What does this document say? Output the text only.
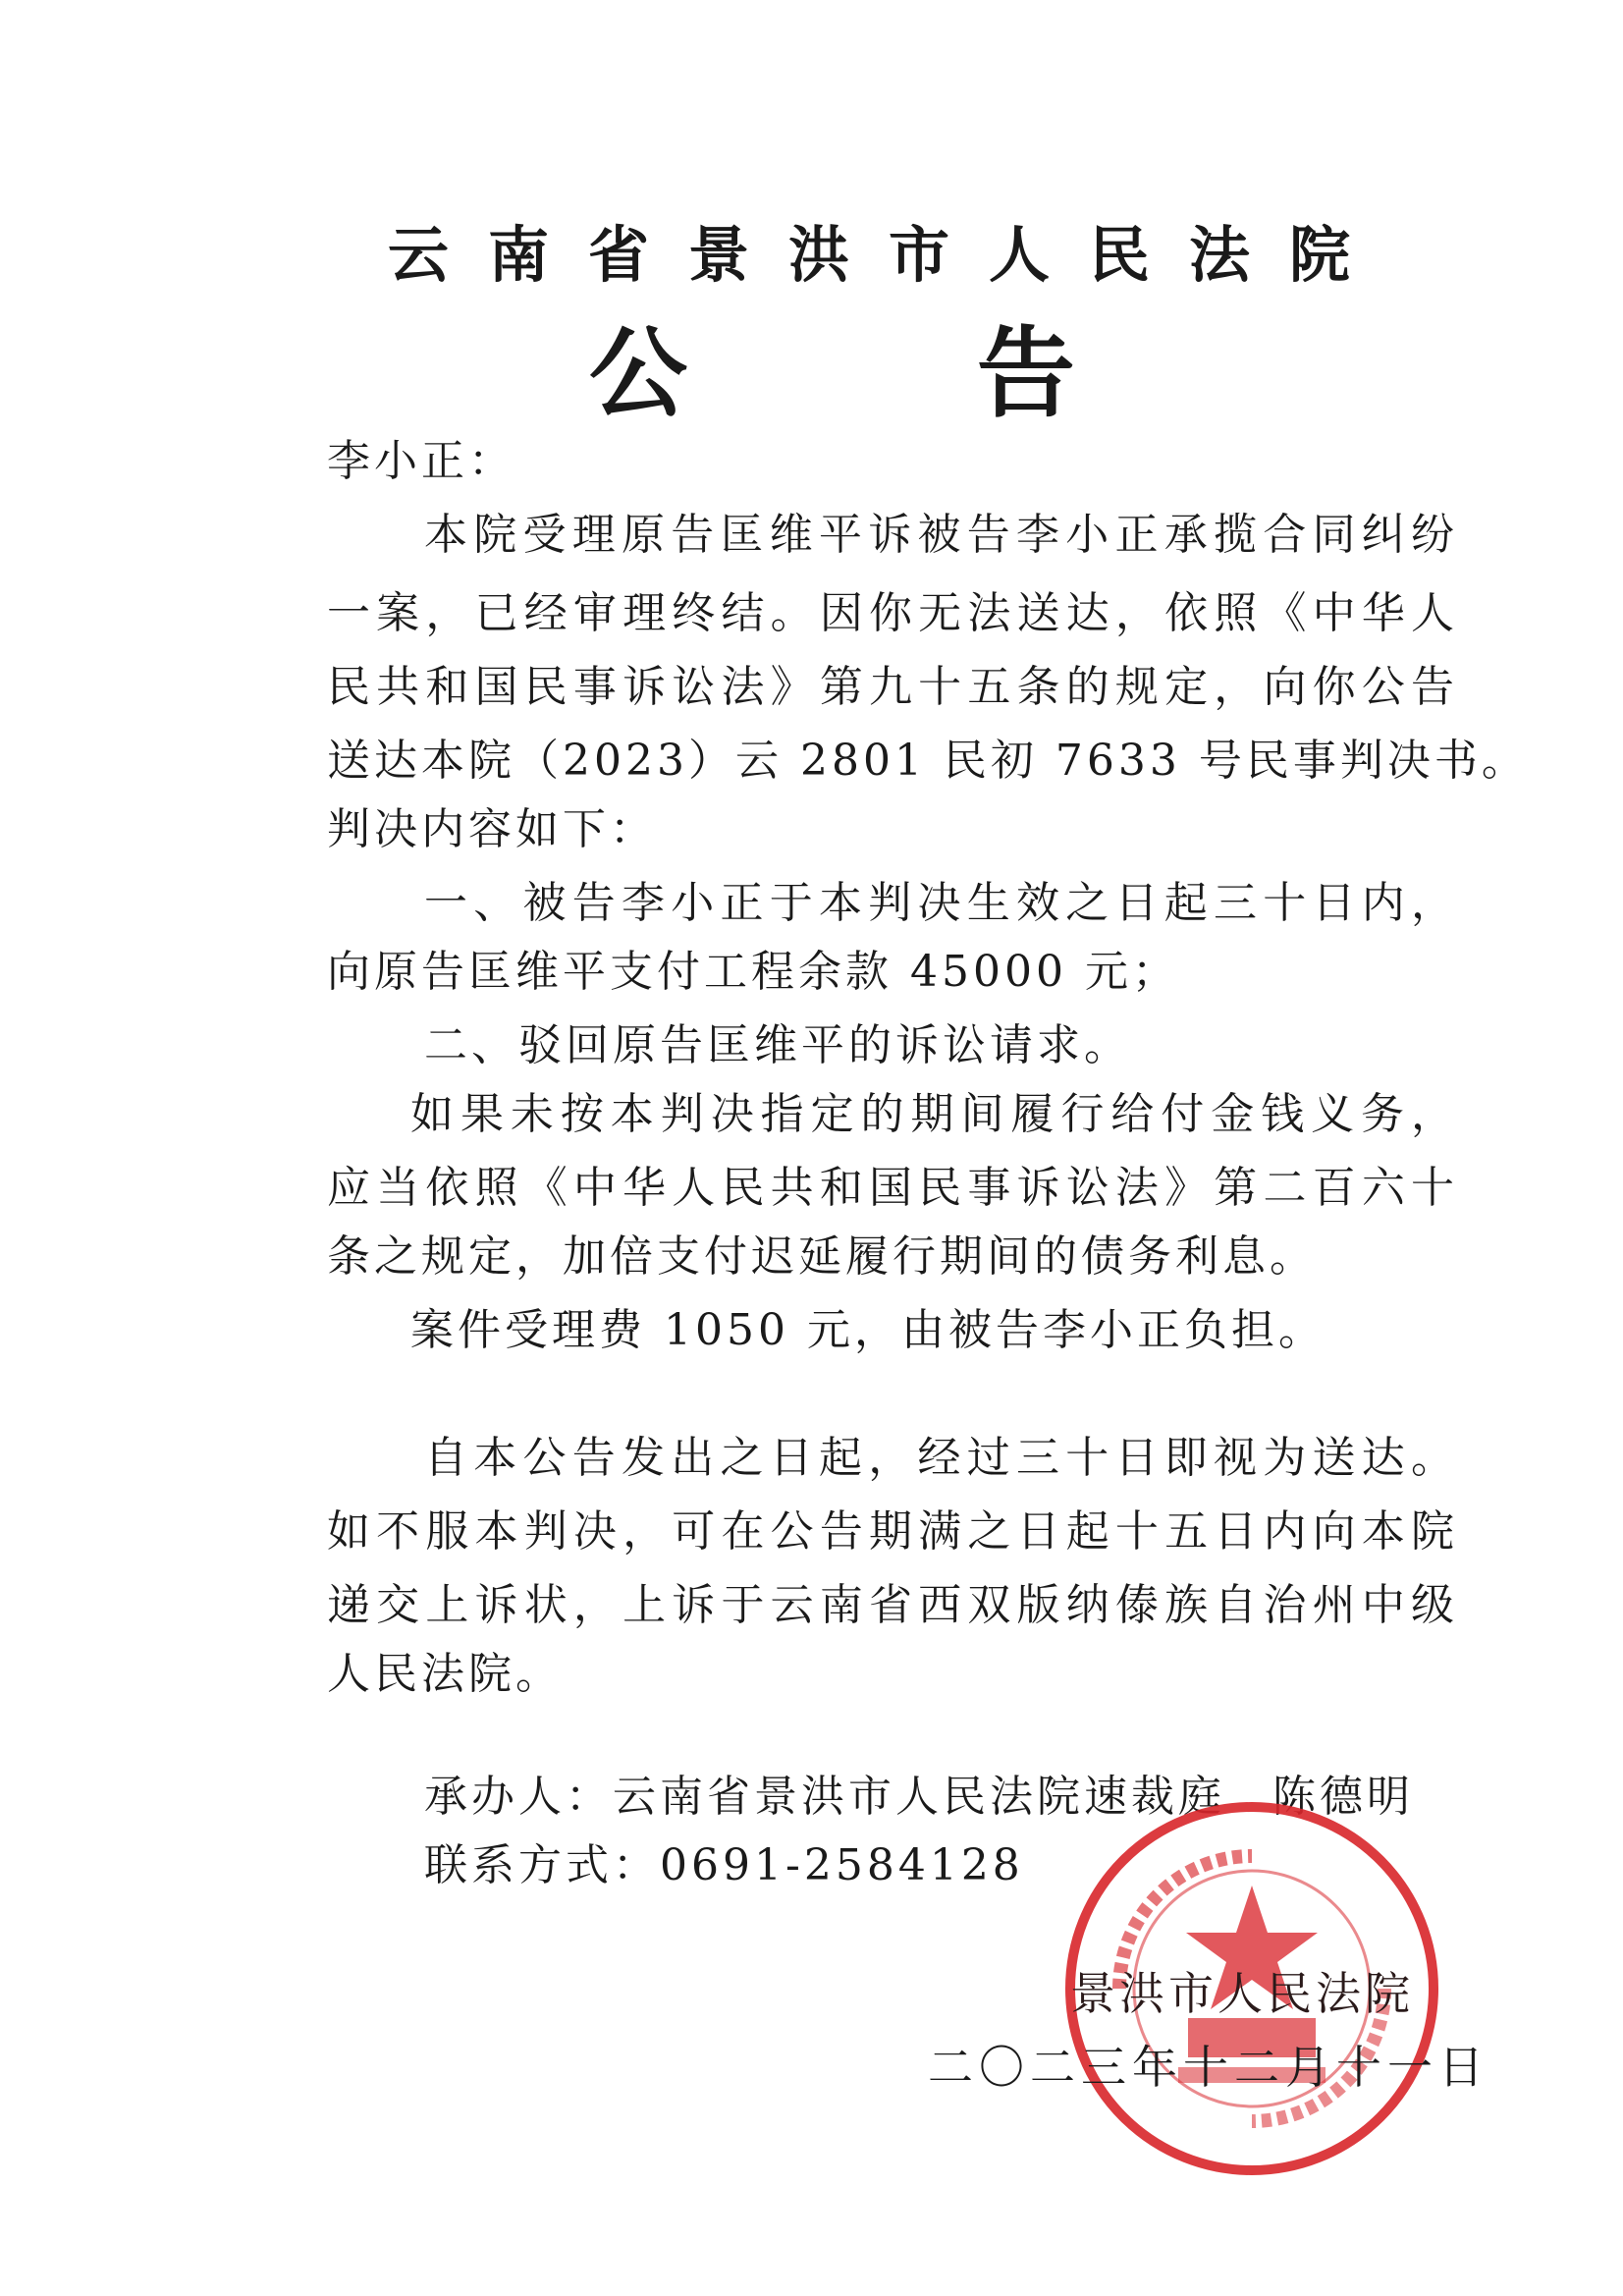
云南省景洪市人民法院
公 告
李小正：
本院受理原告匡维平诉被告李小正承揽合同纠纷
一案，已经审理终结。因你无法送达，依照《中华人
民共和国民事诉讼法》第九十五条的规定，向你公告
送达本院（2023）云 2801 民初 7633 号民事判决书。
判决内容如下：
一、被告李小正于本判决生效之日起三十日内，
向原告匡维平支付工程余款 45000 元；
二、驳回原告匡维平的诉讼请求。
如果未按本判决指定的期间履行给付金钱义务，
应当依照《中华人民共和国民事诉讼法》第二百六十
条之规定，加倍支付迟延履行期间的债务利息。
案件受理费 1050 元，由被告李小正负担。
自本公告发出之日起，经过三十日即视为送达。
如不服本判决，可在公告期满之日起十五日内向本院
递交上诉状，上诉于云南省西双版纳傣族自治州中级
人民法院。
承办人：云南省景洪市人民法院速裁庭　陈德明
联系方式：0691-2584128
景洪市人民法院
二〇二三年十二月十一日
